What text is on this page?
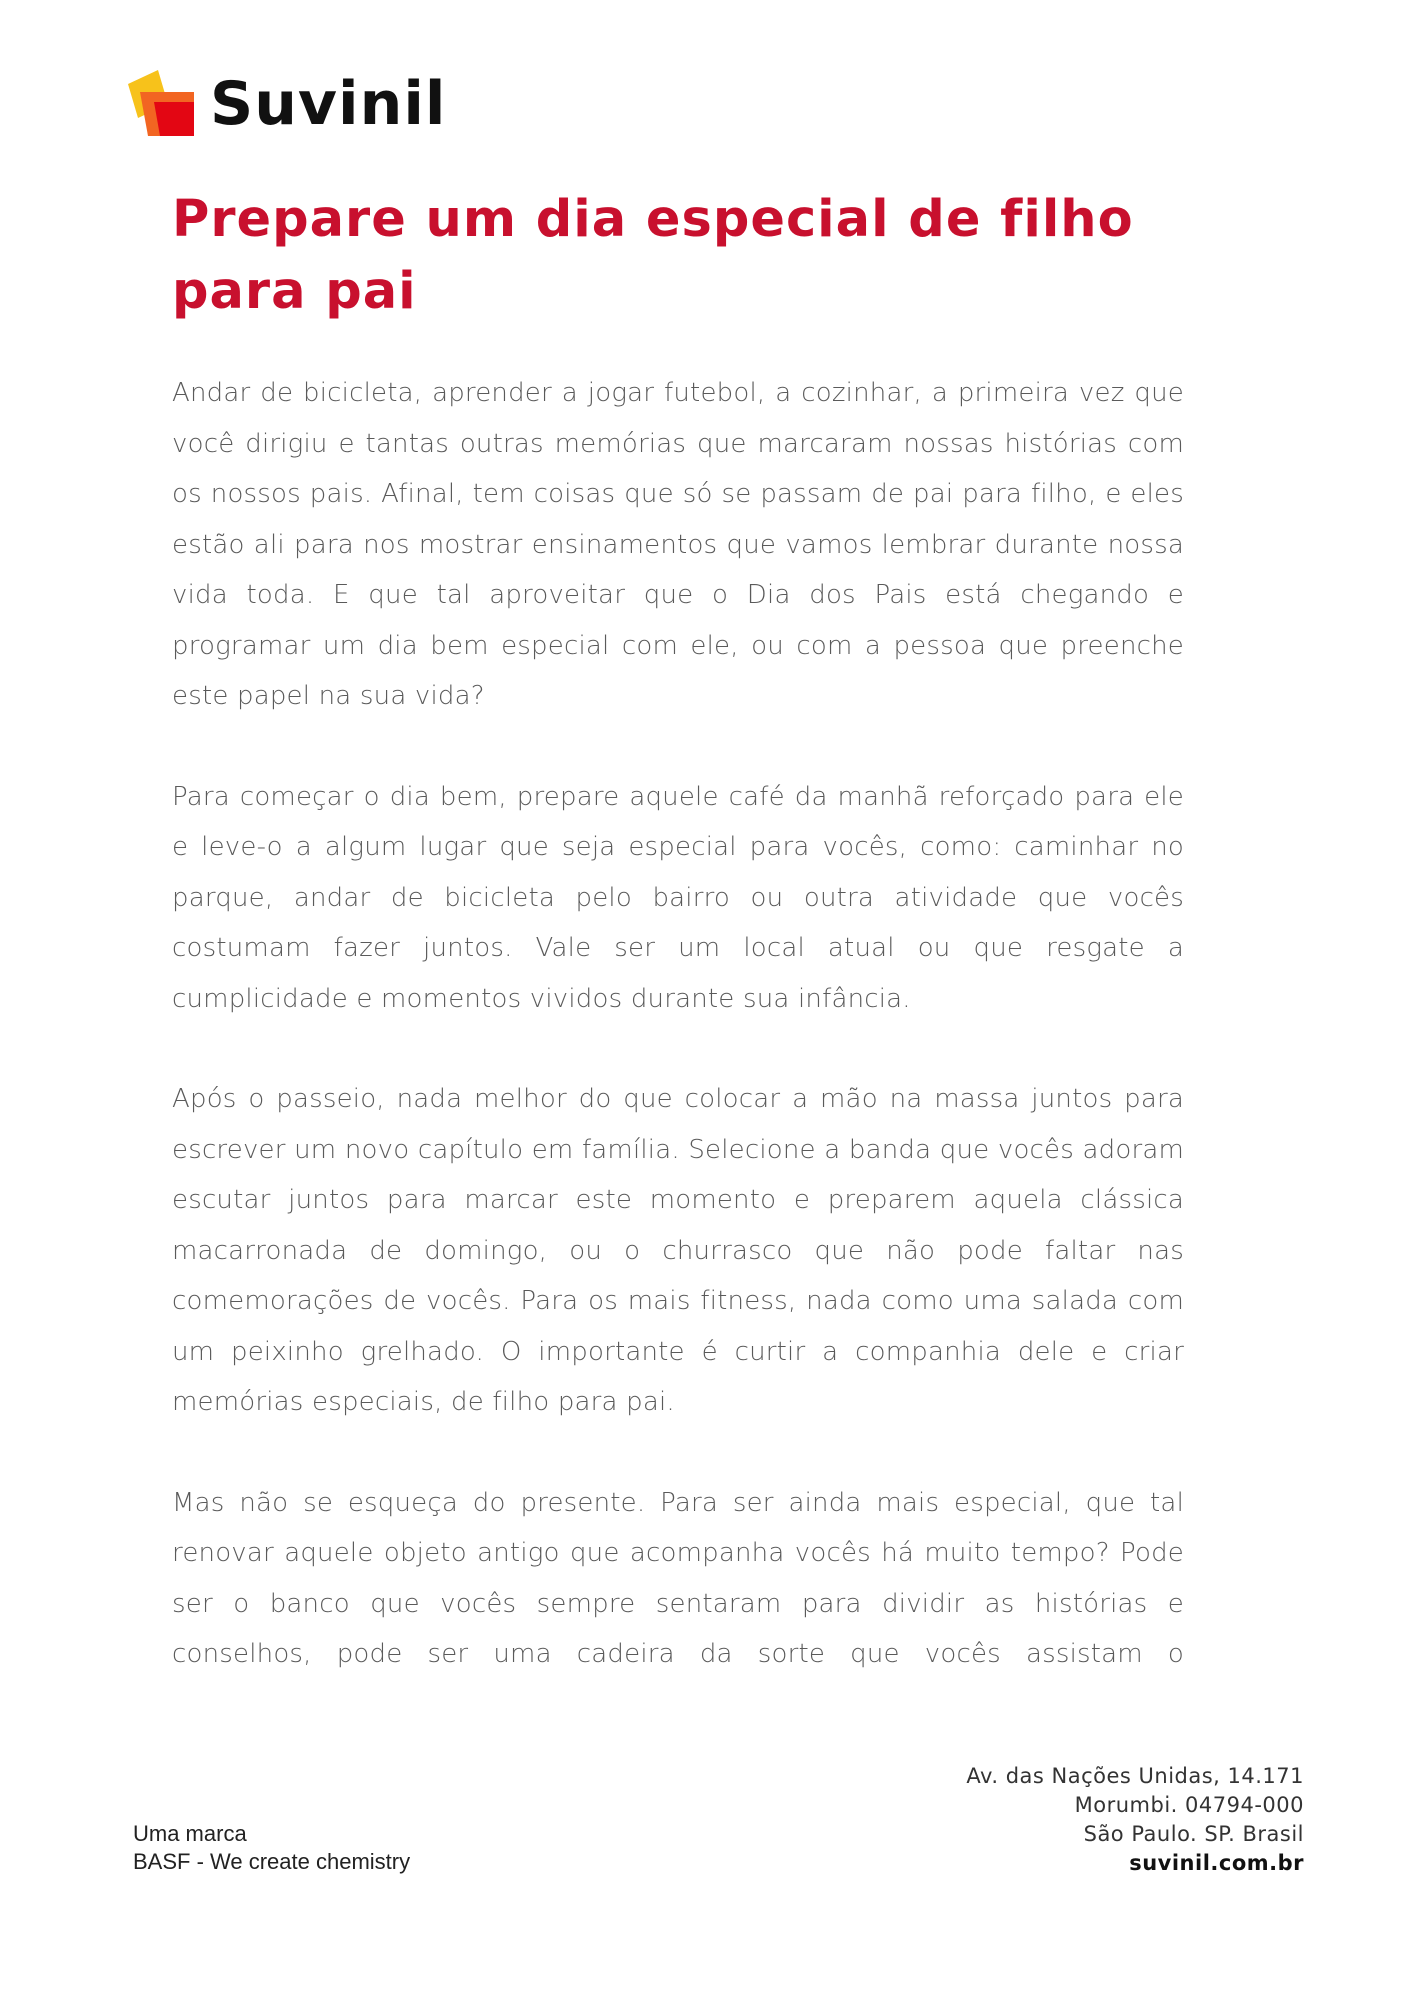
Suvinil
Prepare um dia especial de filho para pai

Andar de bicicleta, aprender a jogar futebol, a cozinhar, a primeira vez que você dirigiu e tantas outras memórias que marcaram nossas histórias com os nossos pais. Afinal, tem coisas que só se passam de pai para filho, e eles estão ali para nos mostrar ensinamentos que vamos lembrar durante nossa vida toda. E que tal aproveitar que o Dia dos Pais está chegando e programar um dia bem especial com ele, ou com a pessoa que preenche este papel na sua vida?

Para começar o dia bem, prepare aquele café da manhã reforçado para ele e leve-o a algum lugar que seja especial para vocês, como: caminhar no parque, andar de bicicleta pelo bairro ou outra atividade que vocês costumam fazer juntos. Vale ser um local atual ou que resgate a cumplicidade e momentos vividos durante sua infância.

Após o passeio, nada melhor do que colocar a mão na massa juntos para escrever um novo capítulo em família. Selecione a banda que vocês adoram escutar juntos para marcar este momento e preparem aquela clássica macarronada de domingo, ou o churrasco que não pode faltar nas comemorações de vocês. Para os mais fitness, nada como uma salada com um peixinho grelhado. O importante é curtir a companhia dele e criar memórias especiais, de filho para pai.

Mas não se esqueça do presente. Para ser ainda mais especial, que tal renovar aquele objeto antigo que acompanha vocês há muito tempo? Pode ser o banco que vocês sempre sentaram para dividir as histórias e conselhos, pode ser uma cadeira da sorte que vocês assistam o

Uma marca
BASF - We create chemistry
Av. das Nações Unidas, 14.171
Morumbi. 04794-000
São Paulo. SP. Brasil
suvinil.com.br
